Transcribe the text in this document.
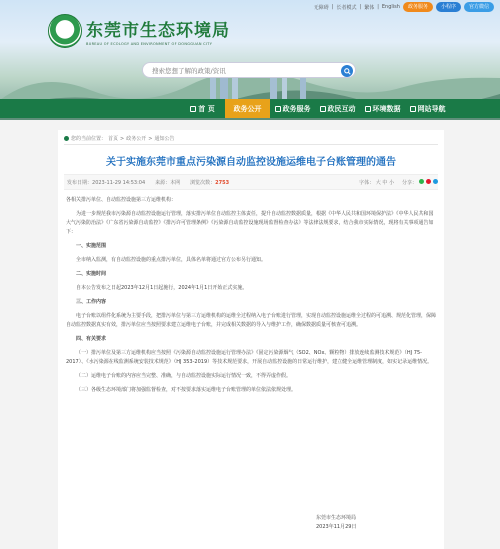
无障碍 | 长者模式 | 繁体 | English	政务服务	小程序	官方微信
东莞市生态环境局
BUREAU OF ECOLOGY AND ENVIRONMENT OF DONGGUAN CITY
搜索您想了解的政策/资讯
首 页	政务公开	政务服务 政民互动 环境数据 网站导航
您的当前位置： 首页 > 政务公开 > 通知公告
关于实施东莞市重点污染源自动监控设施运维电子台账管理的通告
发布日期：2023-11-29 14:53:04 来源：本网 浏览次数：2753	字体： 大 中 小 分享：

各相关排污单位、自动监控设施第三方运维机构：

为进一步规范我市污染源自动监控设施运行管理，落实排污单位自动监控主体责任，提升自动监控数据质量，根据《中华人民共和国环境保护法》《中华人民共和国大气污染防治法》《广东省污染源自动监控》《排污许可管理条例》《污染源自动监控设施现场监督检查办法》等法律法规要求，结合我市实际情况，现将有关事项通告如下：

一、实施范围

全市纳入监测，有自动监控设施的重点排污单位，具体名单将通过官方公布另行通知。

二、实施时间

自本公告发布之日起2023年12月1日起施行，2024年1月1日开始正式实施。

三、工作内容

电子台账以组件化系统为主要手段，把排污单位与第三方运维机构的运维全过程纳入电子台账进行管理，实现自动监控设施运维全过程的可追溯、规范化管理，保障自动监控数据真实有效，排污单位应当按照要求建立运维电子台账，并完成相关数据的导入与维护工作，确保数据质量可核查可追溯。

四、有关要求

（一）排污单位及第三方运维机构应当按照《污染源自动监控设施运行管理办法》《固定污染源烟气（SO2、NOx、颗粒物）排放连续监测技术规范》（HJ 75-2017）、《水污染源在线监测系统安装技术规范》（HJ 353-2019）等技术规范要求，开展自动监控设施的日常运行维护，建立健全运维管理制度，如实记录运维情况。

（二）运维电子台账的内容应当完整、准确，与自动监控设施实际运行情况一致，不得弄虚作假。

（三）各级生态环境部门将加强监督检查，对不按要求落实运维电子台账管理的单位依法依规处理。

东莞市生态环境局
2023年11月29日
